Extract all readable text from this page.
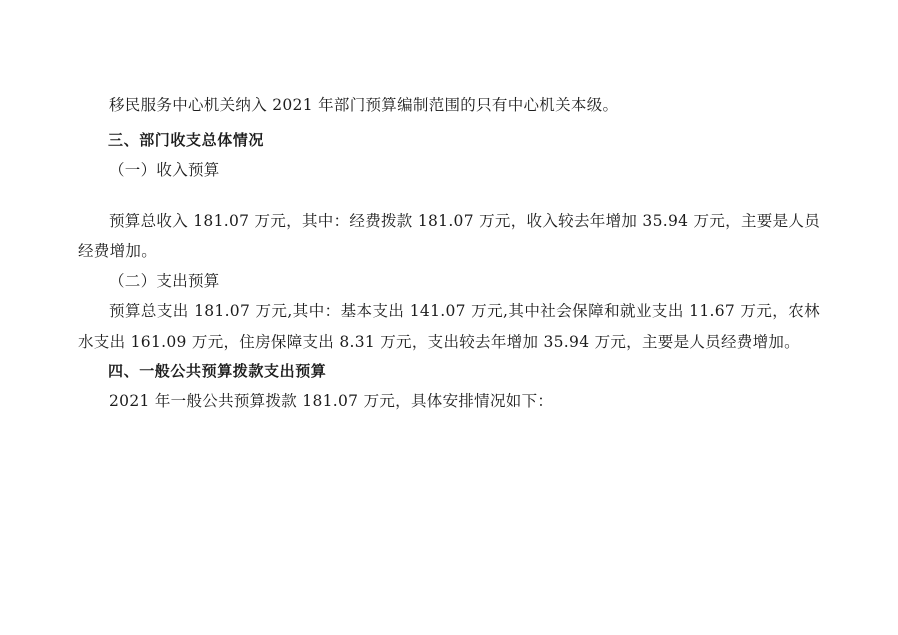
移民服务中心机关纳入 2021 年部门预算编制范围的只有中心机关本级。

三、部门收支总体情况

（一）收入预算

预算总收入 181.07 万元，其中：经费拨款 181.07 万元，收入较去年增加 35.94 万元，主要是人员经费增加。

（二）支出预算

预算总支出 181.07 万元,其中：基本支出 141.07 万元,其中社会保障和就业支出 11.67 万元，农林水支出 161.09 万元，住房保障支出 8.31 万元，支出较去年增加 35.94 万元，主要是人员经费增加。

四、一般公共预算拨款支出预算

2021 年一般公共预算拨款 181.07 万元，具体安排情况如下：
